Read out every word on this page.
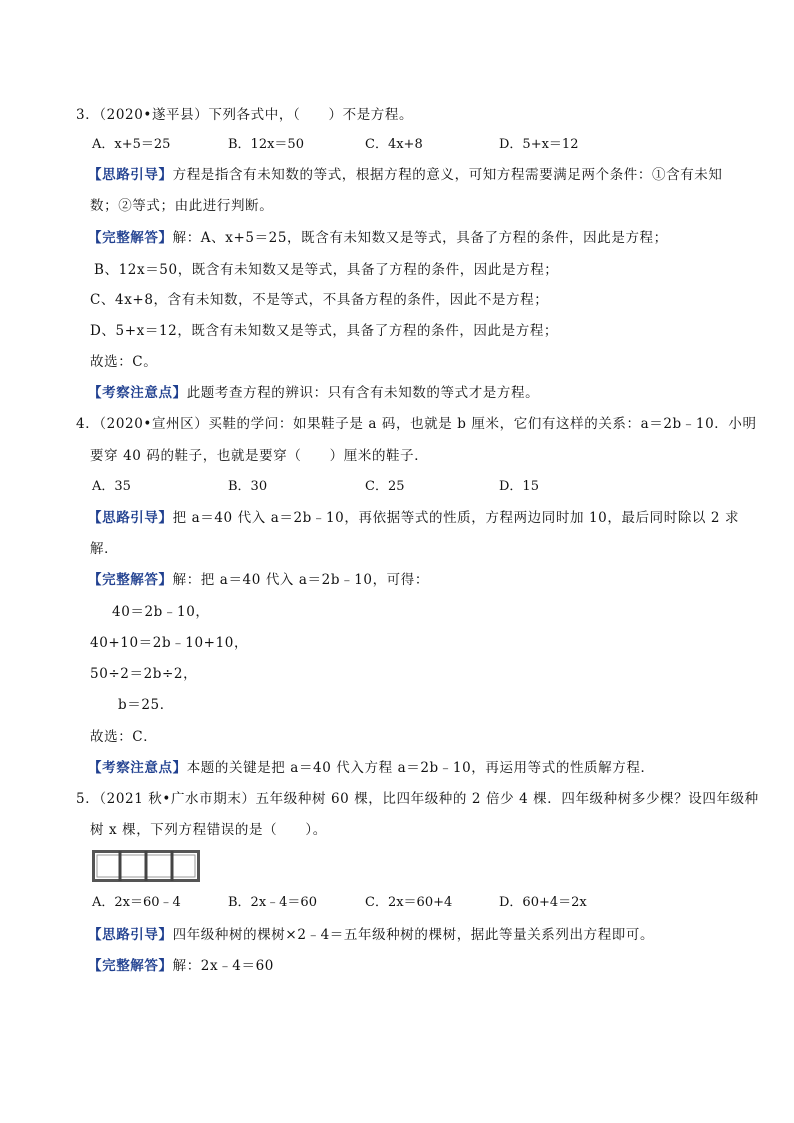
3．（2020•遂平县）下列各式中，（　　）不是方程。
A．x+5＝25	B．12x＝50	C．4x+8	D．5+x＝12
【思路引导】方程是指含有未知数的等式，根据方程的意义，可知方程需要满足两个条件：①含有未知
数；②等式；由此进行判断。
【完整解答】解：A、x+5＝25，既含有未知数又是等式，具备了方程的条件，因此是方程；
B、12x＝50，既含有未知数又是等式，具备了方程的条件，因此是方程；
C、4x+8，含有未知数，不是等式，不具备方程的条件，因此不是方程；
D、5+x＝12，既含有未知数又是等式，具备了方程的条件，因此是方程；
故选：C。
【考察注意点】此题考查方程的辨识：只有含有未知数的等式才是方程。
4．（2020•宣州区）买鞋的学问：如果鞋子是 a 码，也就是 b 厘米，它们有这样的关系：a＝2b﹣10．小明
要穿 40 码的鞋子，也就是要穿（　　）厘米的鞋子．
A．35	B．30	C．25	D．15
【思路引导】把 a＝40 代入 a＝2b﹣10，再依据等式的性质，方程两边同时加 10，最后同时除以 2 求
解．
【完整解答】解：把 a＝40 代入 a＝2b﹣10，可得：
40＝2b﹣10，
40+10＝2b﹣10+10，
50÷2＝2b÷2，
b＝25．
故选：C．
【考察注意点】本题的关键是把 a＝40 代入方程 a＝2b﹣10，再运用等式的性质解方程．
5．（2021 秋•广水市期末）五年级种树 60 棵，比四年级种的 2 倍少 4 棵．四年级种树多少棵？设四年级种
树 x 棵，下列方程错误的是（　　）。
A．2x＝60﹣4	B．2x﹣4＝60	C．2x＝60+4	D．60+4＝2x
【思路引导】四年级种树的棵树×2﹣4＝五年级种树的棵树，据此等量关系列出方程即可。
【完整解答】解：2x﹣4＝60
